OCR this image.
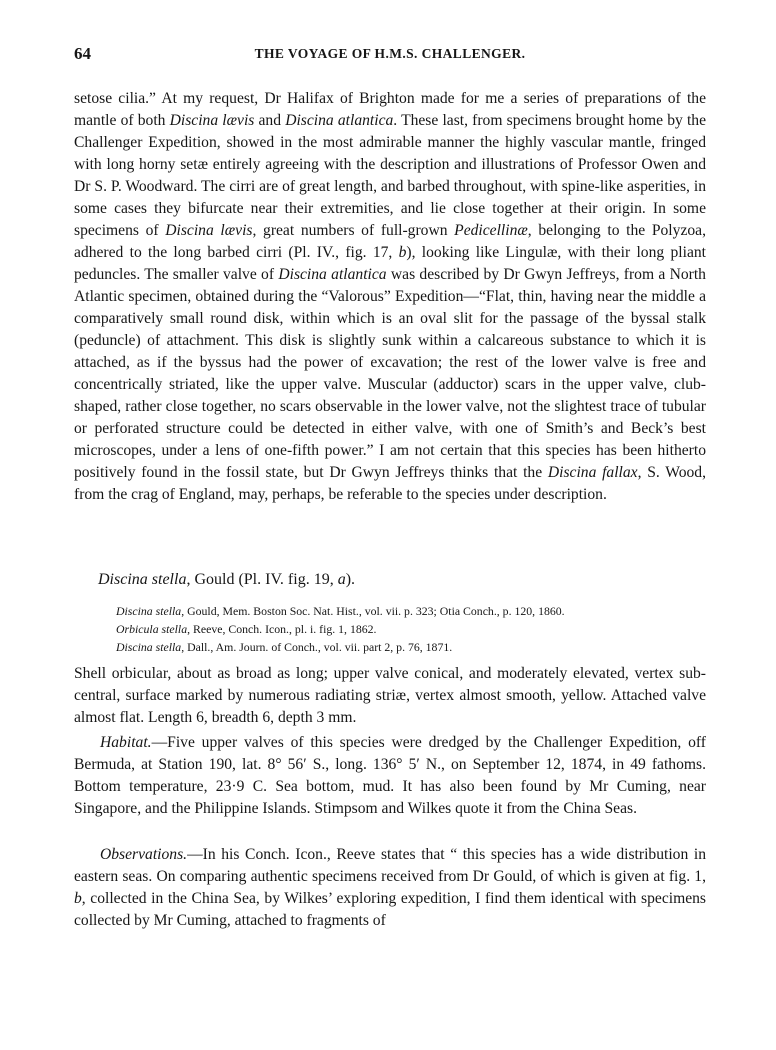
64	THE VOYAGE OF H.M.S. CHALLENGER.

setose cilia.” At my request, Dr Halifax of Brighton made for me a series of preparations of the mantle of both Discina lævis and Discina atlantica. These last, from specimens brought home by the Challenger Expedition, showed in the most admirable manner the highly vascular mantle, fringed with long horny setæ entirely agreeing with the description and illustrations of Professor Owen and Dr S. P. Woodward. The cirri are of great length, and barbed throughout, with spine-like asperities, in some cases they bifurcate near their extremities, and lie close together at their origin. In some specimens of Discina lævis, great numbers of full-grown Pedicellinæ, belonging to the Polyzoa, adhered to the long barbed cirri (Pl. IV., fig. 17, b), looking like Lingulæ, with their long pliant peduncles. The smaller valve of Discina atlantica was described by Dr Gwyn Jeffreys, from a North Atlantic specimen, obtained during the “Valorous” Expedition—“Flat, thin, having near the middle a comparatively small round disk, within which is an oval slit for the passage of the byssal stalk (peduncle) of attachment. This disk is slightly sunk within a calcareous substance to which it is attached, as if the byssus had the power of excavation; the rest of the lower valve is free and concentrically striated, like the upper valve. Muscular (adductor) scars in the upper valve, club-shaped, rather close together, no scars observable in the lower valve, not the slightest trace of tubular or perforated structure could be detected in either valve, with one of Smith’s and Beck’s best microscopes, under a lens of one-fifth power.” I am not certain that this species has been hitherto positively found in the fossil state, but Dr Gwyn Jeffreys thinks that the Discina fallax, S. Wood, from the crag of England, may, perhaps, be referable to the species under description.

Discina stella, Gould (Pl. IV. fig. 19, a).

Discina stella, Gould, Mem. Boston Soc. Nat. Hist., vol. vii. p. 323; Otia Conch., p. 120, 1860.
Orbicula stella, Reeve, Conch. Icon., pl. i. fig. 1, 1862.
Discina stella, Dall., Am. Journ. of Conch., vol. vii. part 2, p. 76, 1871.

Shell orbicular, about as broad as long; upper valve conical, and moderately elevated, vertex sub-central, surface marked by numerous radiating striæ, vertex almost smooth, yellow. Attached valve almost flat. Length 6, breadth 6, depth 3 mm.

Habitat.—Five upper valves of this species were dredged by the Challenger Expedition, off Bermuda, at Station 190, lat. 8° 56′ S., long. 136° 5′ N., on September 12, 1874, in 49 fathoms. Bottom temperature, 23·9 C. Sea bottom, mud. It has also been found by Mr Cuming, near Singapore, and the Philippine Islands. Stimpsom and Wilkes quote it from the China Seas.

Observations.—In his Conch. Icon., Reeve states that “ this species has a wide distribution in eastern seas. On comparing authentic specimens received from Dr Gould, of which is given at fig. 1, b, collected in the China Sea, by Wilkes’ exploring expedition, I find them identical with specimens collected by Mr Cuming, attached to fragments of
